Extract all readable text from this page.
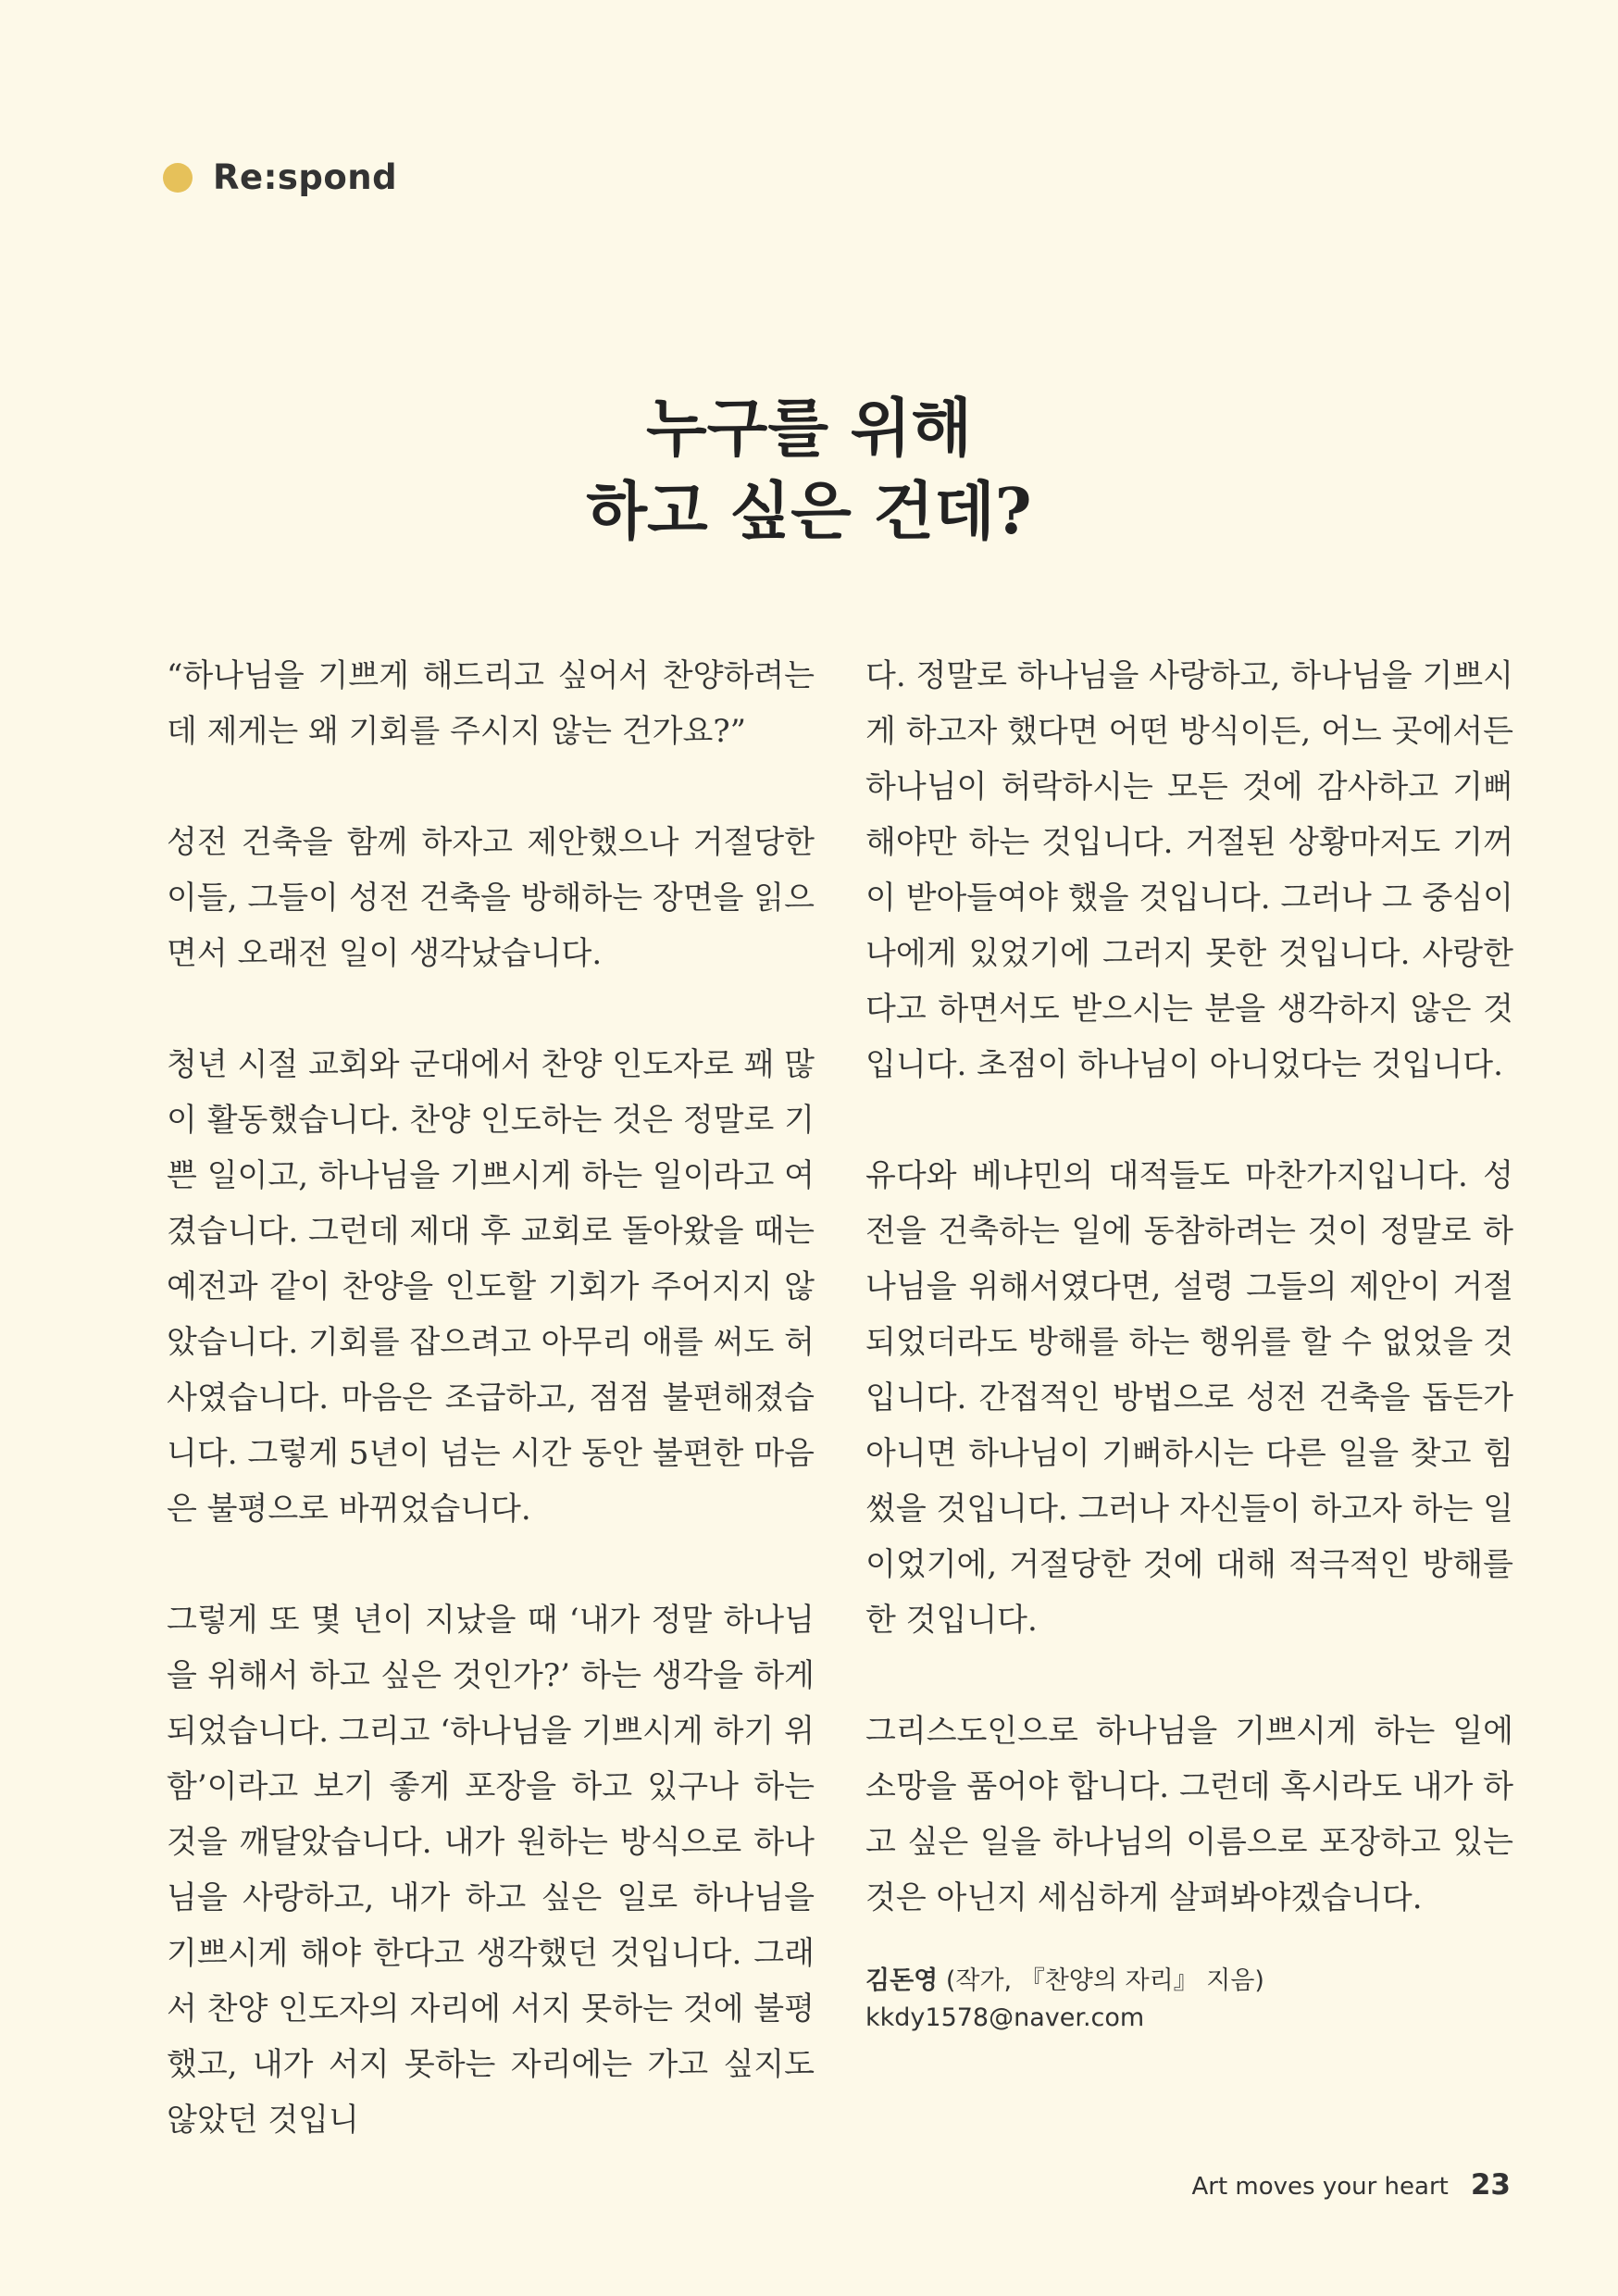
Re:spond
누구를 위해
하고 싶은 건데?

“하나님을 기쁘게 해드리고 싶어서 찬양하려는데 제게는 왜 기회를 주시지 않는 건가요?”

성전 건축을 함께 하자고 제안했으나 거절당한 이들, 그들이 성전 건축을 방해하는 장면을 읽으면서 오래전 일이 생각났습니다.

청년 시절 교회와 군대에서 찬양 인도자로 꽤 많이 활동했습니다. 찬양 인도하는 것은 정말로 기쁜 일이고, 하나님을 기쁘시게 하는 일이라고 여겼습니다. 그런데 제대 후 교회로 돌아왔을 때는 예전과 같이 찬양을 인도할 기회가 주어지지 않았습니다. 기회를 잡으려고 아무리 애를 써도 허사였습니다. 마음은 조급하고, 점점 불편해졌습니다. 그렇게 5년이 넘는 시간 동안 불편한 마음은 불평으로 바뀌었습니다.

그렇게 또 몇 년이 지났을 때 ‘내가 정말 하나님을 위해서 하고 싶은 것인가?’ 하는 생각을 하게 되었습니다. 그리고 ‘하나님을 기쁘시게 하기 위함’이라고 보기 좋게 포장을 하고 있구나 하는 것을 깨달았습니다. 내가 원하는 방식으로 하나님을 사랑하고, 내가 하고 싶은 일로 하나님을 기쁘시게 해야 한다고 생각했던 것입니다. 그래서 찬양 인도자의 자리에 서지 못하는 것에 불평했고, 내가 서지 못하는 자리에는 가고 싶지도 않았던 것입니

다. 정말로 하나님을 사랑하고, 하나님을 기쁘시게 하고자 했다면 어떤 방식이든, 어느 곳에서든 하나님이 허락하시는 모든 것에 감사하고 기뻐해야만 하는 것입니다. 거절된 상황마저도 기꺼이 받아들여야 했을 것입니다. 그러나 그 중심이 나에게 있었기에 그러지 못한 것입니다. 사랑한다고 하면서도 받으시는 분을 생각하지 않은 것입니다. 초점이 하나님이 아니었다는 것입니다.

유다와 베냐민의 대적들도 마찬가지입니다. 성전을 건축하는 일에 동참하려는 것이 정말로 하나님을 위해서였다면, 설령 그들의 제안이 거절되었더라도 방해를 하는 행위를 할 수 없었을 것입니다. 간접적인 방법으로 성전 건축을 돕든가 아니면 하나님이 기뻐하시는 다른 일을 찾고 힘썼을 것입니다. 그러나 자신들이 하고자 하는 일이었기에, 거절당한 것에 대해 적극적인 방해를 한 것입니다.

그리스도인으로 하나님을 기쁘시게 하는 일에 소망을 품어야 합니다. 그런데 혹시라도 내가 하고 싶은 일을 하나님의 이름으로 포장하고 있는 것은 아닌지 세심하게 살펴봐야겠습니다.

김돈영 (작가, 『찬양의 자리』 지음)
kkdy1578@naver.com
Art moves your heart 23
